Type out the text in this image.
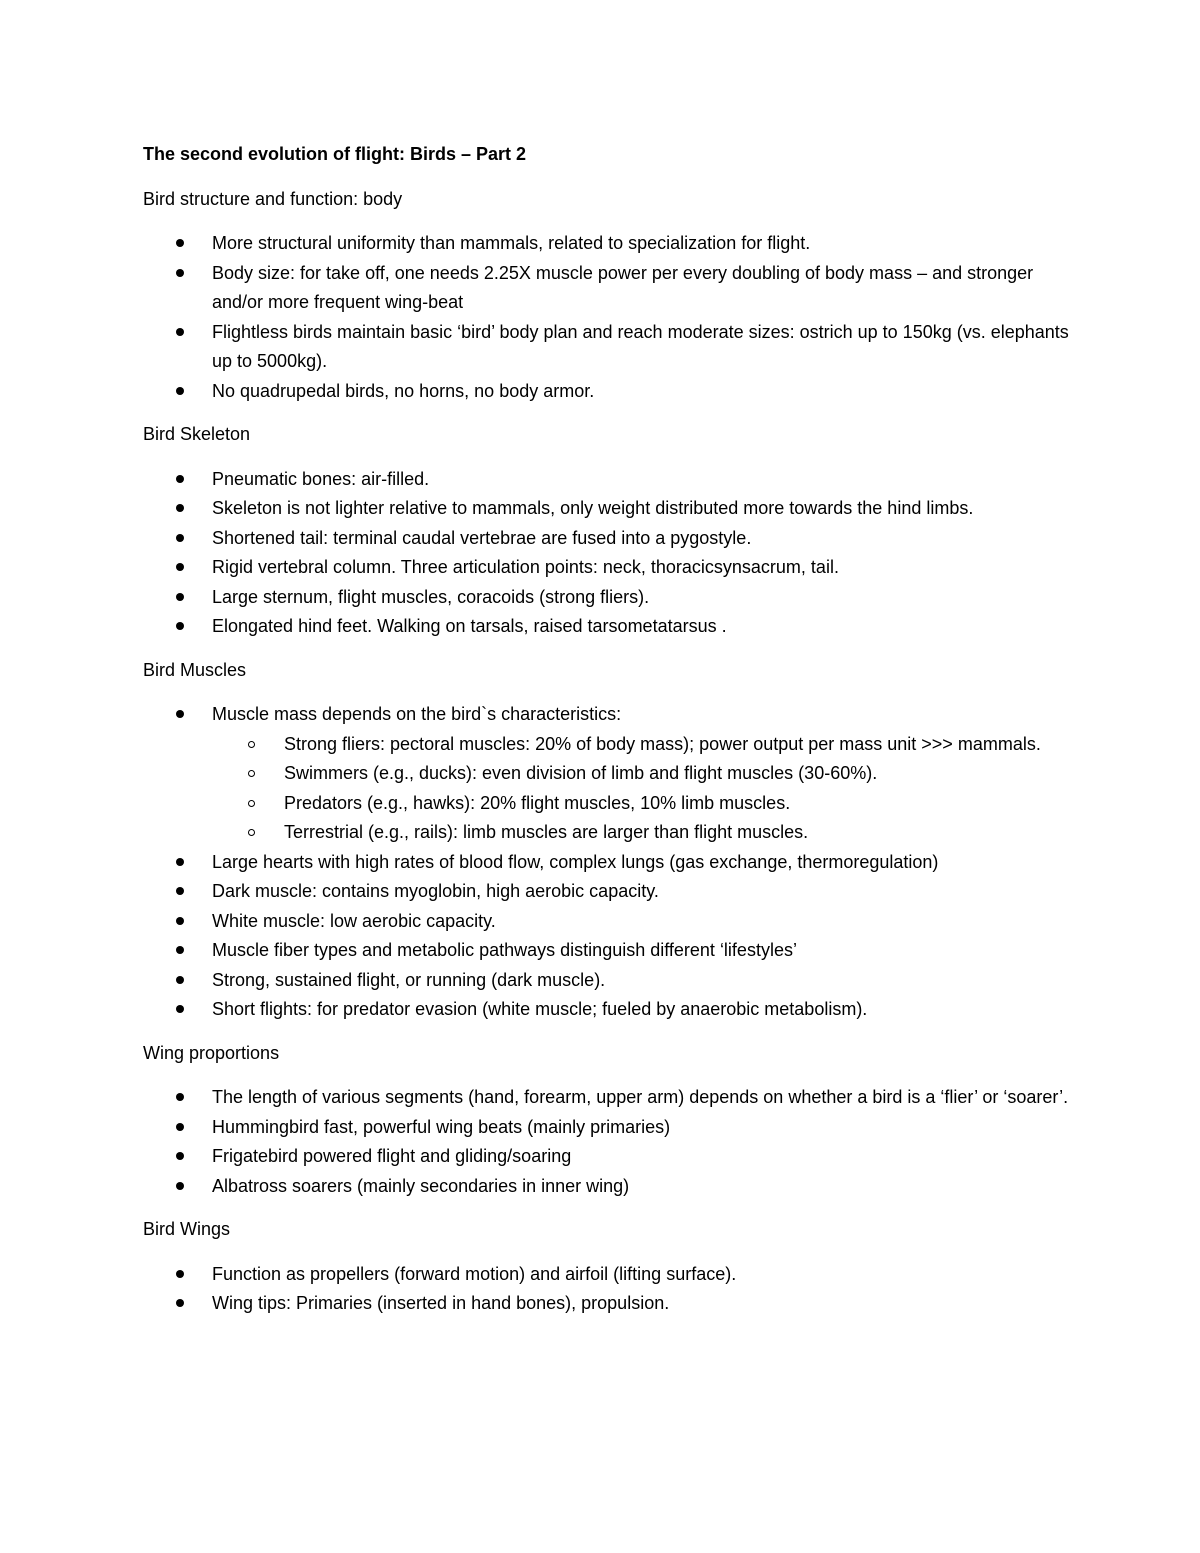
The second evolution of flight: Birds – Part 2
Bird structure and function: body
More structural uniformity than mammals, related to specialization for flight.
Body size: for take off, one needs 2.25X muscle power per every doubling of body mass – and stronger and/or more frequent wing-beat
Flightless birds maintain basic ‘bird’ body plan and reach moderate sizes: ostrich up to 150kg (vs. elephants up to 5000kg).
No quadrupedal birds, no horns, no body armor.
Bird Skeleton
Pneumatic bones: air-filled.
Skeleton is not lighter relative to mammals, only weight distributed more towards the hind limbs.
Shortened tail: terminal caudal vertebrae are fused into a pygostyle.
Rigid vertebral column. Three articulation points: neck, thoracicsynsacrum, tail.
Large sternum, flight muscles, coracoids (strong fliers).
Elongated hind feet. Walking on tarsals, raised tarsometatarsus .
Bird Muscles
Muscle mass depends on the bird`s characteristics:
Strong fliers: pectoral muscles: 20% of body mass); power output per mass unit >>> mammals.
Swimmers (e.g., ducks): even division of limb and flight muscles (30-60%).
Predators (e.g., hawks): 20% flight muscles, 10% limb muscles.
Terrestrial (e.g., rails): limb muscles are larger than flight muscles.
Large hearts with high rates of blood flow, complex lungs (gas exchange, thermoregulation)
Dark muscle: contains myoglobin, high aerobic capacity.
White muscle: low aerobic capacity.
Muscle fiber types and metabolic pathways distinguish different ‘lifestyles’
Strong, sustained flight, or running (dark muscle).
Short flights: for predator evasion (white muscle; fueled by anaerobic metabolism).
Wing proportions
The length of various segments (hand, forearm, upper arm) depends on whether a bird is a ‘flier’ or ‘soarer’.
Hummingbird fast, powerful wing beats (mainly primaries)
Frigatebird powered flight and gliding/soaring
Albatross soarers (mainly secondaries in inner wing)
Bird Wings
Function as propellers (forward motion) and airfoil (lifting surface).
Wing tips: Primaries (inserted in hand bones), propulsion.
